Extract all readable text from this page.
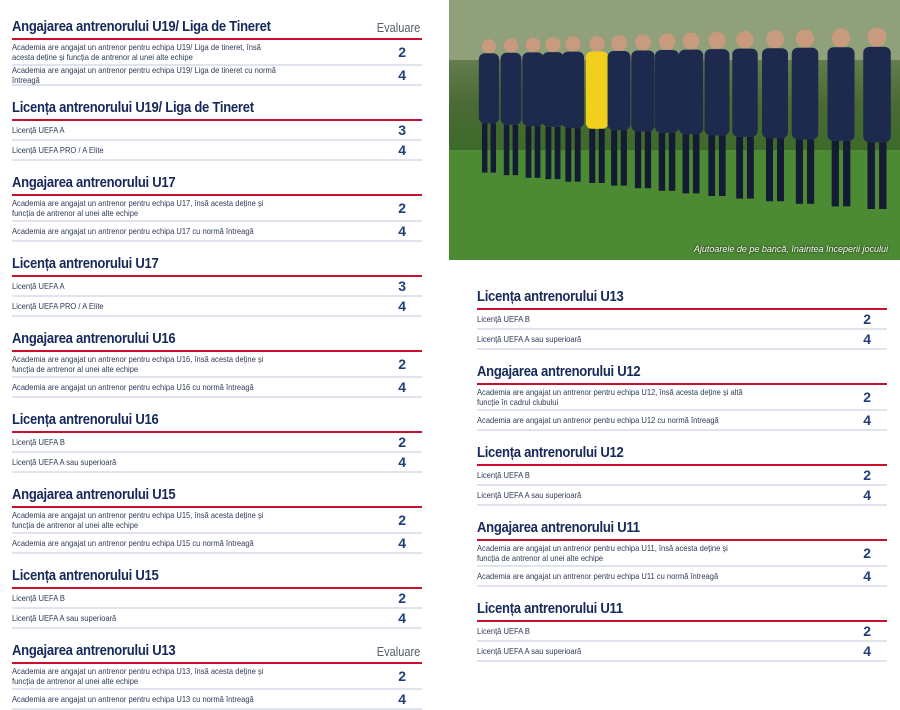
Angajarea antrenorului U19/ Liga de Tineret	Evaluare
Academia are angajat un antrenor pentru echipa U19/ Liga de tineret, însă acesta deține și funcția de antrenor al unei alte echipe	2
Academia are angajat un antrenor pentru echipa U19/ Liga de tineret cu normă întreagă	4
Licența antrenorului U19/ Liga de Tineret
Licență UEFA A	3
Licență UEFA PRO / A Elite	4
Angajarea antrenorului U17
Academia are angajat un antrenor pentru echipa U17, însă acesta deține și funcția de antrenor al unei alte echipe	2
Academia are angajat un antrenor pentru echipa U17 cu normă întreagă	4
Licența antrenorului U17
Licență UEFA A	3
Licență UEFA PRO / A Elite	4
Angajarea antrenorului U16
Academia are angajat un antrenor pentru echipa U16, însă acesta deține și funcția de antrenor al unei alte echipe	2
Academia are angajat un antrenor pentru echipa U16 cu normă întreagă	4
Licența antrenorului U16
Licență UEFA B	2
Licență UEFA A sau superioară	4
Angajarea antrenorului U15
Academia are angajat un antrenor pentru echipa U15, însă acesta deține și funcția de antrenor al unei alte echipe	2
Academia are angajat un antrenor pentru echipa U15 cu normă întreagă	4
Licența antrenorului U15
Licență UEFA B	2
Licență UEFA A sau superioară	4
Angajarea antrenorului U13	Evaluare
Academia are angajat un antrenor pentru echipa U13, însă acesta deține și funcția de antrenor al unei alte echipe	2
Academia are angajat un antrenor pentru echipa U13 cu normă întreagă	4
Ajutoarele de pe bancă, înaintea începerii jocului
Licența antrenorului U13
Licență UEFA B	2
Licență UEFA A sau superioară	4
Angajarea antrenorului U12
Academia are angajat un antrenor pentru echipa U12, însă acesta deține și altă funcție în cadrul clubului	2
Academia are angajat un antrenor pentru echipa U12 cu normă întreagă	4
Licența antrenorului U12
Licență UEFA B	2
Licență UEFA A sau superioară	4
Angajarea antrenorului U11
Academia are angajat un antrenor pentru echipa U11, însă acesta deține și funcția de antrenor al unei alte echipe	2
Academia are angajat un antrenor pentru echipa U11 cu normă întreagă	4
Licența antrenorului U11
Licență UEFA B	2
Licență UEFA A sau superioară	4
